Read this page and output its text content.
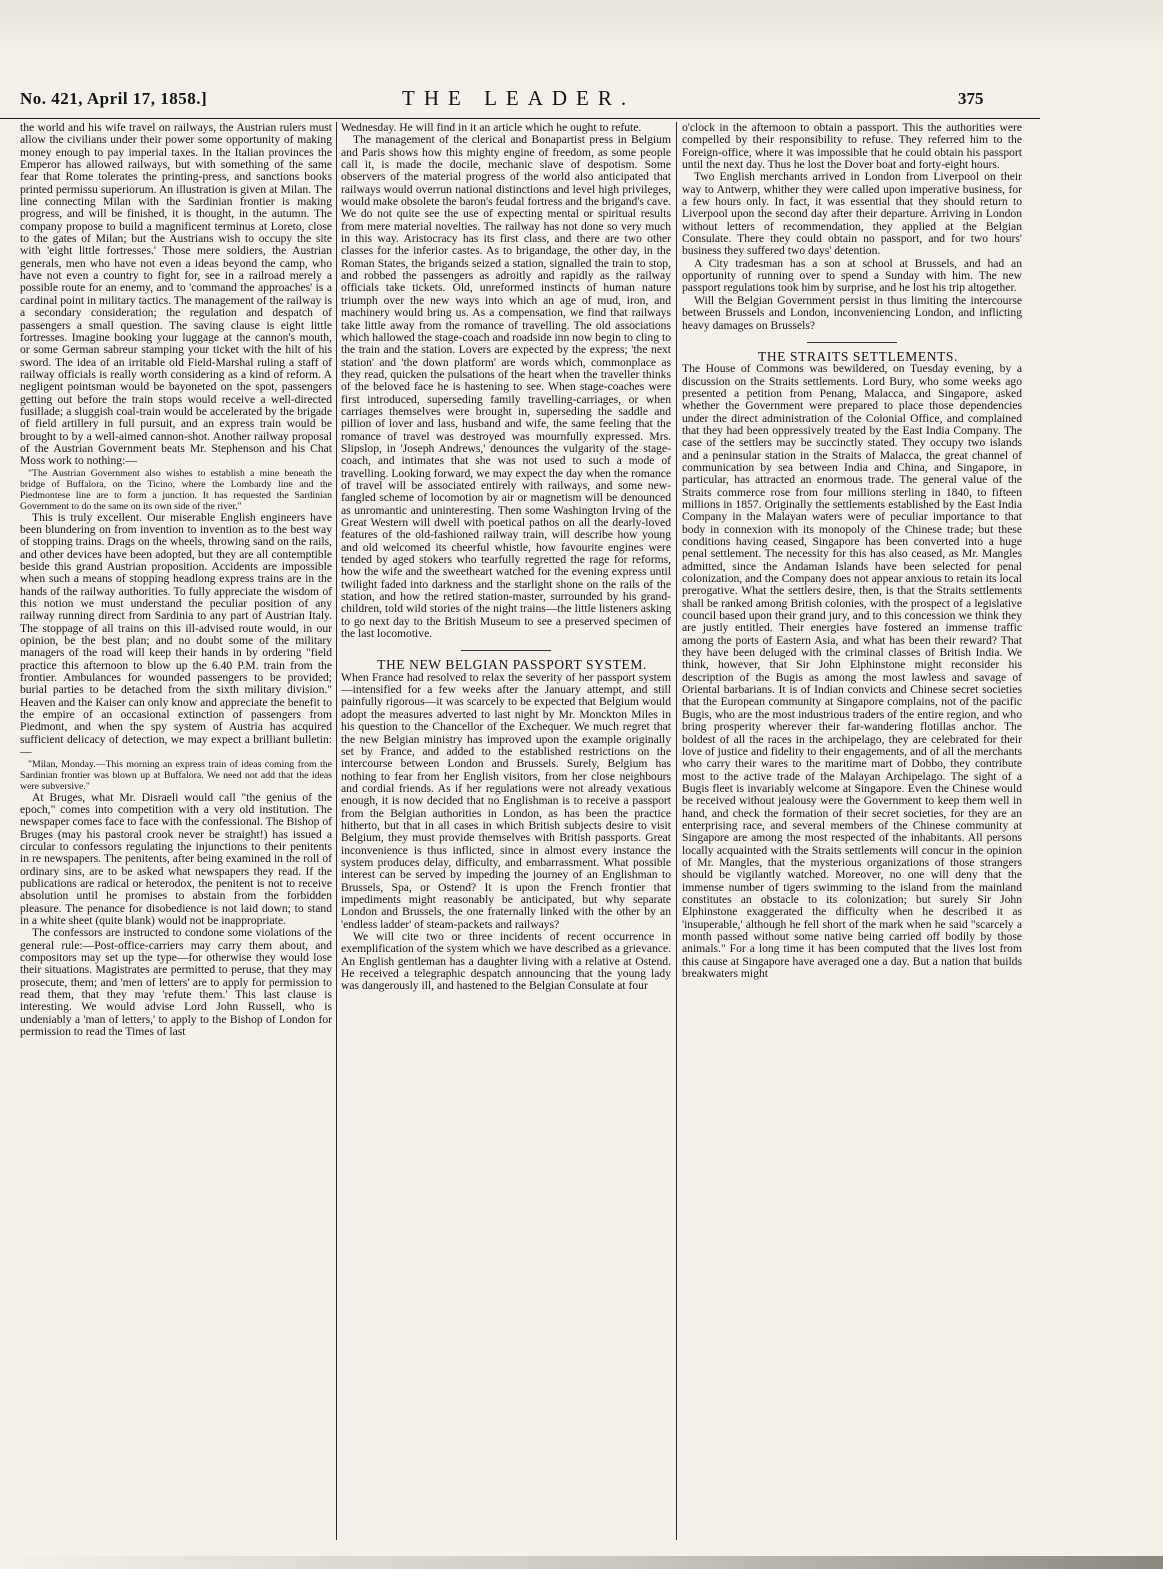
No. 421, April 17, 1858.]	THE LEADER.	375

the world and his wife travel on railways, the Austrian rulers must allow the civilians under their power some opportunity of making money enough to pay imperial taxes. In the Italian provinces the Emperor has allowed railways, but with something of the same fear that Rome tolerates the printing-press, and sanctions books printed permissu superiorum. An illustration is given at Milan. The line connecting Milan with the Sardinian frontier is making progress, and will be finished, it is thought, in the autumn. The company propose to build a magnificent terminus at Loreto, close to the gates of Milan; but the Austrians wish to occupy the site with 'eight little fortresses.' Those mere soldiers, the Austrian generals, men who have not even a ideas beyond the camp, who have not even a country to fight for, see in a railroad merely a possible route for an enemy, and to 'command the approaches' is a cardinal point in military tactics. The management of the railway is a secondary consideration; the regulation and despatch of passengers a small question. The saving clause is eight little fortresses. Imagine booking your luggage at the cannon's mouth, or some German sabreur stamping your ticket with the hilt of his sword. The idea of an irritable old Field-Marshal ruling a staff of railway officials is really worth considering as a kind of reform. A negligent pointsman would be bayoneted on the spot, passengers getting out before the train stops would receive a well-directed fusillade; a sluggish coal-train would be accelerated by the brigade of field artillery in full pursuit, and an express train would be brought to by a well-aimed cannon-shot. Another railway proposal of the Austrian Government beats Mr. Stephenson and his Chat Moss work to nothing:—

"The Austrian Government also wishes to establish a mine beneath the bridge of Buffalora, on the Ticino, where the Lombardy line and the Piedmontese line are to form a junction. It has requested the Sardinian Government to do the same on its own side of the river."

This is truly excellent. Our miserable English engineers have been blundering on from invention to invention as to the best way of stopping trains. Drags on the wheels, throwing sand on the rails, and other devices have been adopted, but they are all contemptible beside this grand Austrian proposition. Accidents are impossible when such a means of stopping headlong express trains are in the hands of the railway authorities. To fully appreciate the wisdom of this notion we must understand the peculiar position of any railway running direct from Sardinia to any part of Austrian Italy. The stoppage of all trains on this ill-advised route would, in our opinion, be the best plan; and no doubt some of the military managers of the road will keep their hands in by ordering "field practice this afternoon to blow up the 6.40 P.M. train from the frontier. Ambulances for wounded passengers to be provided; burial parties to be detached from the sixth military division." Heaven and the Kaiser can only know and appreciate the benefit to the empire of an occasional extinction of passengers from Piedmont, and when the spy system of Austria has acquired sufficient delicacy of detection, we may expect a brilliant bulletin:—

"Milan, Monday.—This morning an express train of ideas coming from the Sardinian frontier was blown up at Buffalora. We need not add that the ideas were subversive."

At Bruges, what Mr. Disraeli would call "the genius of the epoch," comes into competition with a very old institution. The newspaper comes face to face with the confessional. The Bishop of Bruges (may his pastoral crook never be straight!) has issued a circular to confessors regulating the injunctions to their penitents in re newspapers. The penitents, after being examined in the roll of ordinary sins, are to be asked what newspapers they read. If the publications are radical or heterodox, the penitent is not to receive absolution until he promises to abstain from the forbidden pleasure. The penance for disobedience is not laid down; to stand in a white sheet (quite blank) would not be inappropriate.

The confessors are instructed to condone some violations of the general rule:—Post-office-carriers may carry them about, and compositors may set up the type—for otherwise they would lose their situations. Magistrates are permitted to peruse, that they may prosecute, them; and 'men of letters' are to apply for permission to read them, that they may 'refute them.' This last clause is interesting. We would advise Lord John Russell, who is undeniably a 'man of letters,' to apply to the Bishop of London for permission to read the Times of last

Wednesday. He will find in it an article which he ought to refute.

The management of the clerical and Bonapartist press in Belgium and Paris shows how this mighty engine of freedom, as some people call it, is made the docile, mechanic slave of despotism. Some observers of the material progress of the world also anticipated that railways would overrun national distinctions and level high privileges, would make obsolete the baron's feudal fortress and the brigand's cave. We do not quite see the use of expecting mental or spiritual results from mere material novelties. The railway has not done so very much in this way. Aristocracy has its first class, and there are two other classes for the inferior castes. As to brigandage, the other day, in the Roman States, the brigands seized a station, signalled the train to stop, and robbed the passengers as adroitly and rapidly as the railway officials take tickets. Old, unreformed instincts of human nature triumph over the new ways into which an age of mud, iron, and machinery would bring us. As a compensation, we find that railways take little away from the romance of travelling. The old associations which hallowed the stage-coach and roadside inn now begin to cling to the train and the station. Lovers are expected by the express; 'the next station' and 'the down platform' are words which, commonplace as they read, quicken the pulsations of the heart when the traveller thinks of the beloved face he is hastening to see. When stage-coaches were first introduced, superseding family travelling-carriages, or when carriages themselves were brought in, superseding the saddle and pillion of lover and lass, husband and wife, the same feeling that the romance of travel was destroyed was mournfully expressed. Mrs. Slipslop, in 'Joseph Andrews,' denounces the vulgarity of the stage-coach, and intimates that she was not used to such a mode of travelling. Looking forward, we may expect the day when the romance of travel will be associated entirely with railways, and some new-fangled scheme of locomotion by air or magnetism will be denounced as unromantic and uninteresting. Then some Washington Irving of the Great Western will dwell with poetical pathos on all the dearly-loved features of the old-fashioned railway train, will describe how young and old welcomed its cheerful whistle, how favourite engines were tended by aged stokers who tearfully regretted the rage for reforms, how the wife and the sweetheart watched for the evening express until twilight faded into darkness and the starlight shone on the rails of the station, and how the retired station-master, surrounded by his grand-children, told wild stories of the night trains—the little listeners asking to go next day to the British Museum to see a preserved specimen of the last locomotive.

THE NEW BELGIAN PASSPORT SYSTEM.

When France had resolved to relax the severity of her passport system—intensified for a few weeks after the January attempt, and still painfully rigorous—it was scarcely to be expected that Belgium would adopt the measures adverted to last night by Mr. Monckton Miles in his question to the Chancellor of the Exchequer. We much regret that the new Belgian ministry has improved upon the example originally set by France, and added to the established restrictions on the intercourse between London and Brussels. Surely, Belgium has nothing to fear from her English visitors, from her close neighbours and cordial friends. As if her regulations were not already vexatious enough, it is now decided that no Englishman is to receive a passport from the Belgian authorities in London, as has been the practice hitherto, but that in all cases in which British subjects desire to visit Belgium, they must provide themselves with British passports. Great inconvenience is thus inflicted, since in almost every instance the system produces delay, difficulty, and embarrassment. What possible interest can be served by impeding the journey of an Englishman to Brussels, Spa, or Ostend? It is upon the French frontier that impediments might reasonably be anticipated, but why separate London and Brussels, the one fraternally linked with the other by an 'endless ladder' of steam-packets and railways?

We will cite two or three incidents of recent occurrence in exemplification of the system which we have described as a grievance. An English gentleman has a daughter living with a relative at Ostend. He received a telegraphic despatch announcing that the young lady was dangerously ill, and hastened to the Belgian Consulate at four

o'clock in the afternoon to obtain a passport. This the authorities were compelled by their responsibility to refuse. They referred him to the Foreign-office, where it was impossible that he could obtain his passport until the next day. Thus he lost the Dover boat and forty-eight hours.

Two English merchants arrived in London from Liverpool on their way to Antwerp, whither they were called upon imperative business, for a few hours only. In fact, it was essential that they should return to Liverpool upon the second day after their departure. Arriving in London without letters of recommendation, they applied at the Belgian Consulate. There they could obtain no passport, and for two hours' business they suffered two days' detention.

A City tradesman has a son at school at Brussels, and had an opportunity of running over to spend a Sunday with him. The new passport regulations took him by surprise, and he lost his trip altogether.

Will the Belgian Government persist in thus limiting the intercourse between Brussels and London, inconveniencing London, and inflicting heavy damages on Brussels?

THE STRAITS SETTLEMENTS.

The House of Commons was bewildered, on Tuesday evening, by a discussion on the Straits settlements. Lord Bury, who some weeks ago presented a petition from Penang, Malacca, and Singapore, asked whether the Government were prepared to place those dependencies under the direct administration of the Colonial Office, and complained that they had been oppressively treated by the East India Company. The case of the settlers may be succinctly stated. They occupy two islands and a peninsular station in the Straits of Malacca, the great channel of communication by sea between India and China, and Singapore, in particular, has attracted an enormous trade. The general value of the Straits commerce rose from four millions sterling in 1840, to fifteen millions in 1857. Originally the settlements established by the East India Company in the Malayan waters were of peculiar importance to that body in connexion with its monopoly of the Chinese trade; but these conditions having ceased, Singapore has been converted into a huge penal settlement. The necessity for this has also ceased, as Mr. Mangles admitted, since the Andaman Islands have been selected for penal colonization, and the Company does not appear anxious to retain its local prerogative. What the settlers desire, then, is that the Straits settlements shall be ranked among British colonies, with the prospect of a legislative council based upon their grand jury, and to this concession we think they are justly entitled. Their energies have fostered an immense traffic among the ports of Eastern Asia, and what has been their reward? That they have been deluged with the criminal classes of British India. We think, however, that Sir John Elphinstone might reconsider his description of the Bugis as among the most lawless and savage of Oriental barbarians. It is of Indian convicts and Chinese secret societies that the European community at Singapore complains, not of the pacific Bugis, who are the most industrious traders of the entire region, and who bring prosperity wherever their far-wandering flotillas anchor. The boldest of all the races in the archipelago, they are celebrated for their love of justice and fidelity to their engagements, and of all the merchants who carry their wares to the maritime mart of Dobbo, they contribute most to the active trade of the Malayan Archipelago. The sight of a Bugis fleet is invariably welcome at Singapore. Even the Chinese would be received without jealousy were the Government to keep them well in hand, and check the formation of their secret societies, for they are an enterprising race, and several members of the Chinese community at Singapore are among the most respected of the inhabitants. All persons locally acquainted with the Straits settlements will concur in the opinion of Mr. Mangles, that the mysterious organizations of those strangers should be vigilantly watched. Moreover, no one will deny that the immense number of tigers swimming to the island from the mainland constitutes an obstacle to its colonization; but surely Sir John Elphinstone exaggerated the difficulty when he described it as 'insuperable,' although he fell short of the mark when he said "scarcely a month passed without some native being carried off bodily by those animals." For a long time it has been computed that the lives lost from this cause at Singapore have averaged one a day. But a nation that builds breakwaters might
